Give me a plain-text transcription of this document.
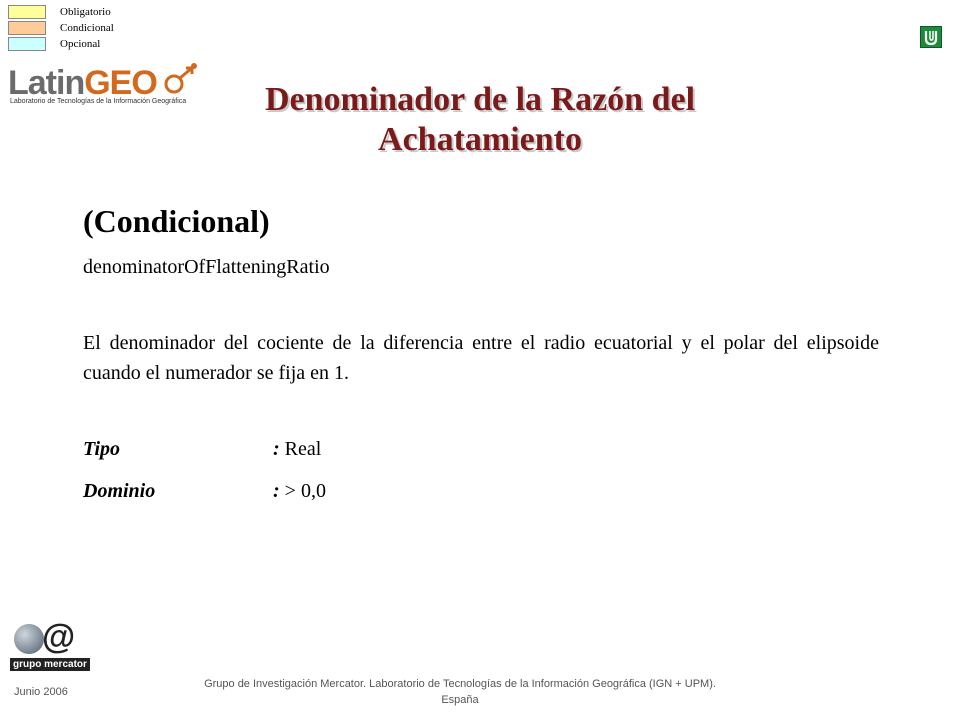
Obligatorio
Condicional
Opcional
LatinGEO
Laboratorio de Tecnologías de la Información Geográfica	Denominador de la Razón del Achatamiento
(Condicional)
denominatorOfFlatteningRatio
El denominador del cociente de la diferencia entre el radio ecuatorial y el polar del elipsoide cuando el numerador se fija en 1.
Tipo	: Real
Dominio	: > 0,0
@
grupo mercator
Junio 2006
Grupo de Investigación Mercator. Laboratorio de Tecnologías de la Información Geográfica (IGN + UPM).
España
